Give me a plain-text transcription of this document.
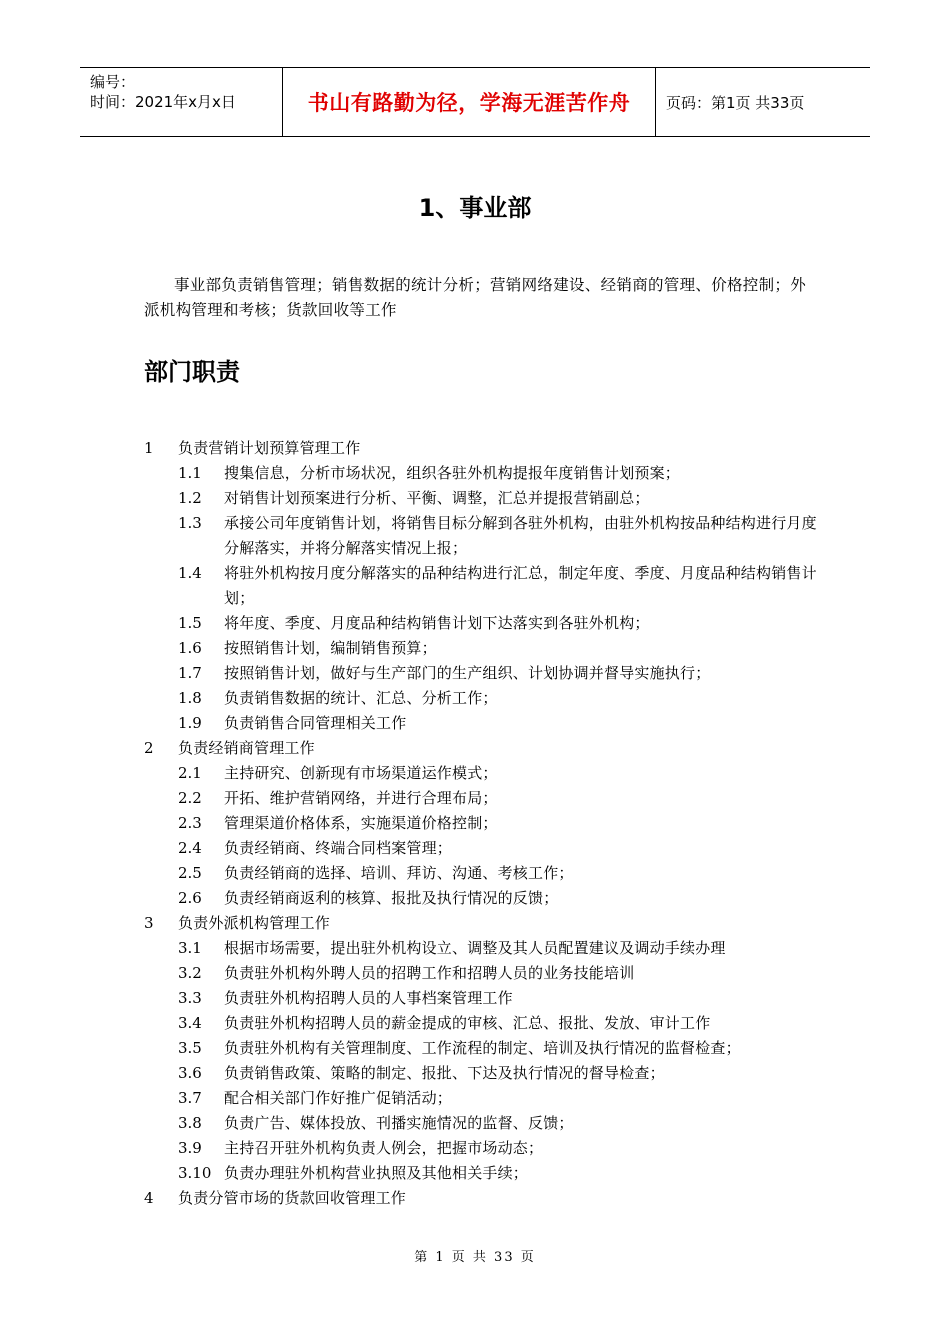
编号：
时间：2021年x月x日	书山有路勤为径，学海无涯苦作舟	页码：第1页 共33页
1、事业部
事业部负责销售管理；销售数据的统计分析；营销网络建设、经销商的管理、价格控制；外派机构管理和考核；货款回收等工作
部门职责
1	负责营销计划预算管理工作
1.1	搜集信息，分析市场状况，组织各驻外机构提报年度销售计划预案；
1.2	对销售计划预案进行分析、平衡、调整，汇总并提报营销副总；
1.3	承接公司年度销售计划，将销售目标分解到各驻外机构，由驻外机构按品种结构进行月度分解落实，并将分解落实情况上报；
1.4	将驻外机构按月度分解落实的品种结构进行汇总，制定年度、季度、月度品种结构销售计划；
1.5	将年度、季度、月度品种结构销售计划下达落实到各驻外机构；
1.6	按照销售计划，编制销售预算；
1.7	按照销售计划，做好与生产部门的生产组织、计划协调并督导实施执行；
1.8	负责销售数据的统计、汇总、分析工作；
1.9	负责销售合同管理相关工作
2	负责经销商管理工作
2.1	主持研究、创新现有市场渠道运作模式；
2.2	开拓、维护营销网络，并进行合理布局；
2.3	管理渠道价格体系，实施渠道价格控制；
2.4	负责经销商、终端合同档案管理；
2.5	负责经销商的选择、培训、拜访、沟通、考核工作；
2.6	负责经销商返利的核算、报批及执行情况的反馈；
3	负责外派机构管理工作
3.1	根据市场需要，提出驻外机构设立、调整及其人员配置建议及调动手续办理
3.2	负责驻外机构外聘人员的招聘工作和招聘人员的业务技能培训
3.3	负责驻外机构招聘人员的人事档案管理工作
3.4	负责驻外机构招聘人员的薪金提成的审核、汇总、报批、发放、审计工作
3.5	负责驻外机构有关管理制度、工作流程的制定、培训及执行情况的监督检查；
3.6	负责销售政策、策略的制定、报批、下达及执行情况的督导检查；
3.7	配合相关部门作好推广促销活动；
3.8	负责广告、媒体投放、刊播实施情况的监督、反馈；
3.9	主持召开驻外机构负责人例会，把握市场动态；
3.10 负责办理驻外机构营业执照及其他相关手续；
4	负责分管市场的货款回收管理工作
第 1 页 共 33 页
